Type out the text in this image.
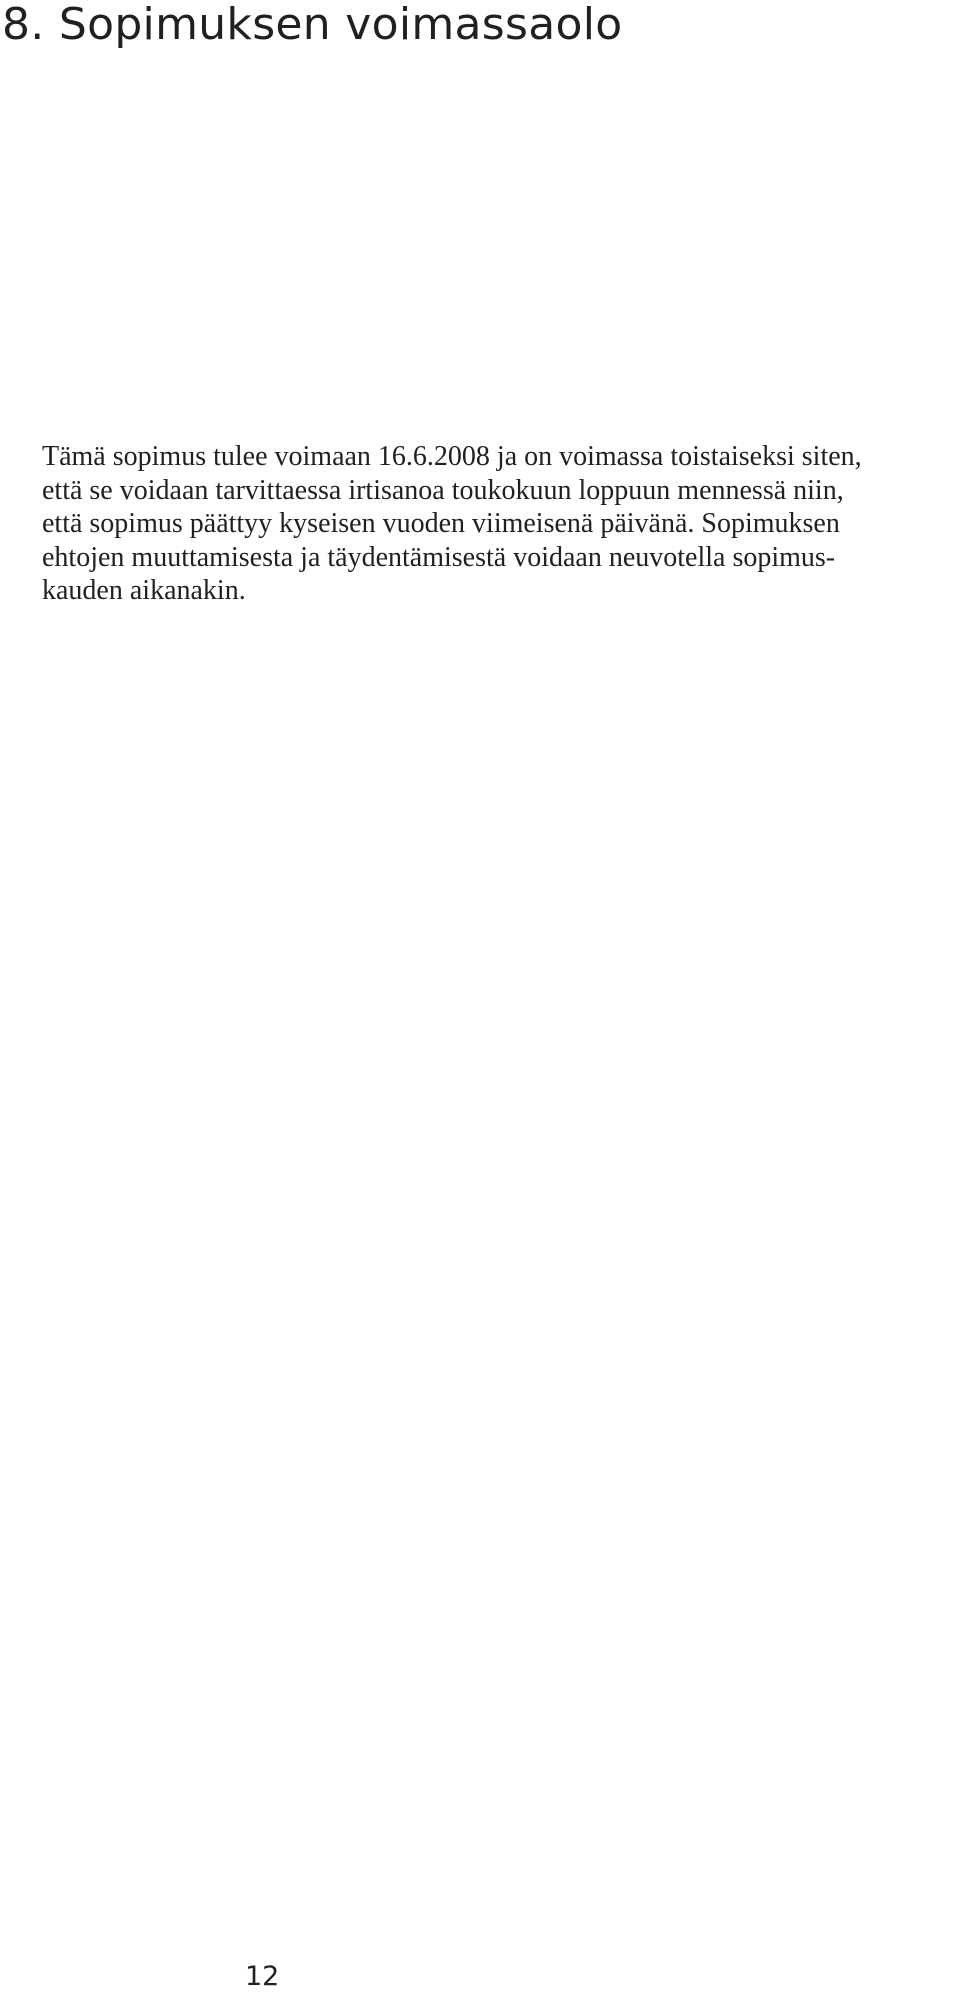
8. Sopimuksen voimassaolo
Tämä sopimus tulee voimaan 16.6.2008 ja on voimassa toistaiseksi siten,
että se voidaan tarvittaessa irtisanoa toukokuun loppuun mennessä niin,
että sopimus päättyy kyseisen vuoden viimeisenä päivänä. Sopimuksen
ehtojen muuttamisesta ja täydentämisestä voidaan neuvotella sopimus-
kauden aikanakin.
12
